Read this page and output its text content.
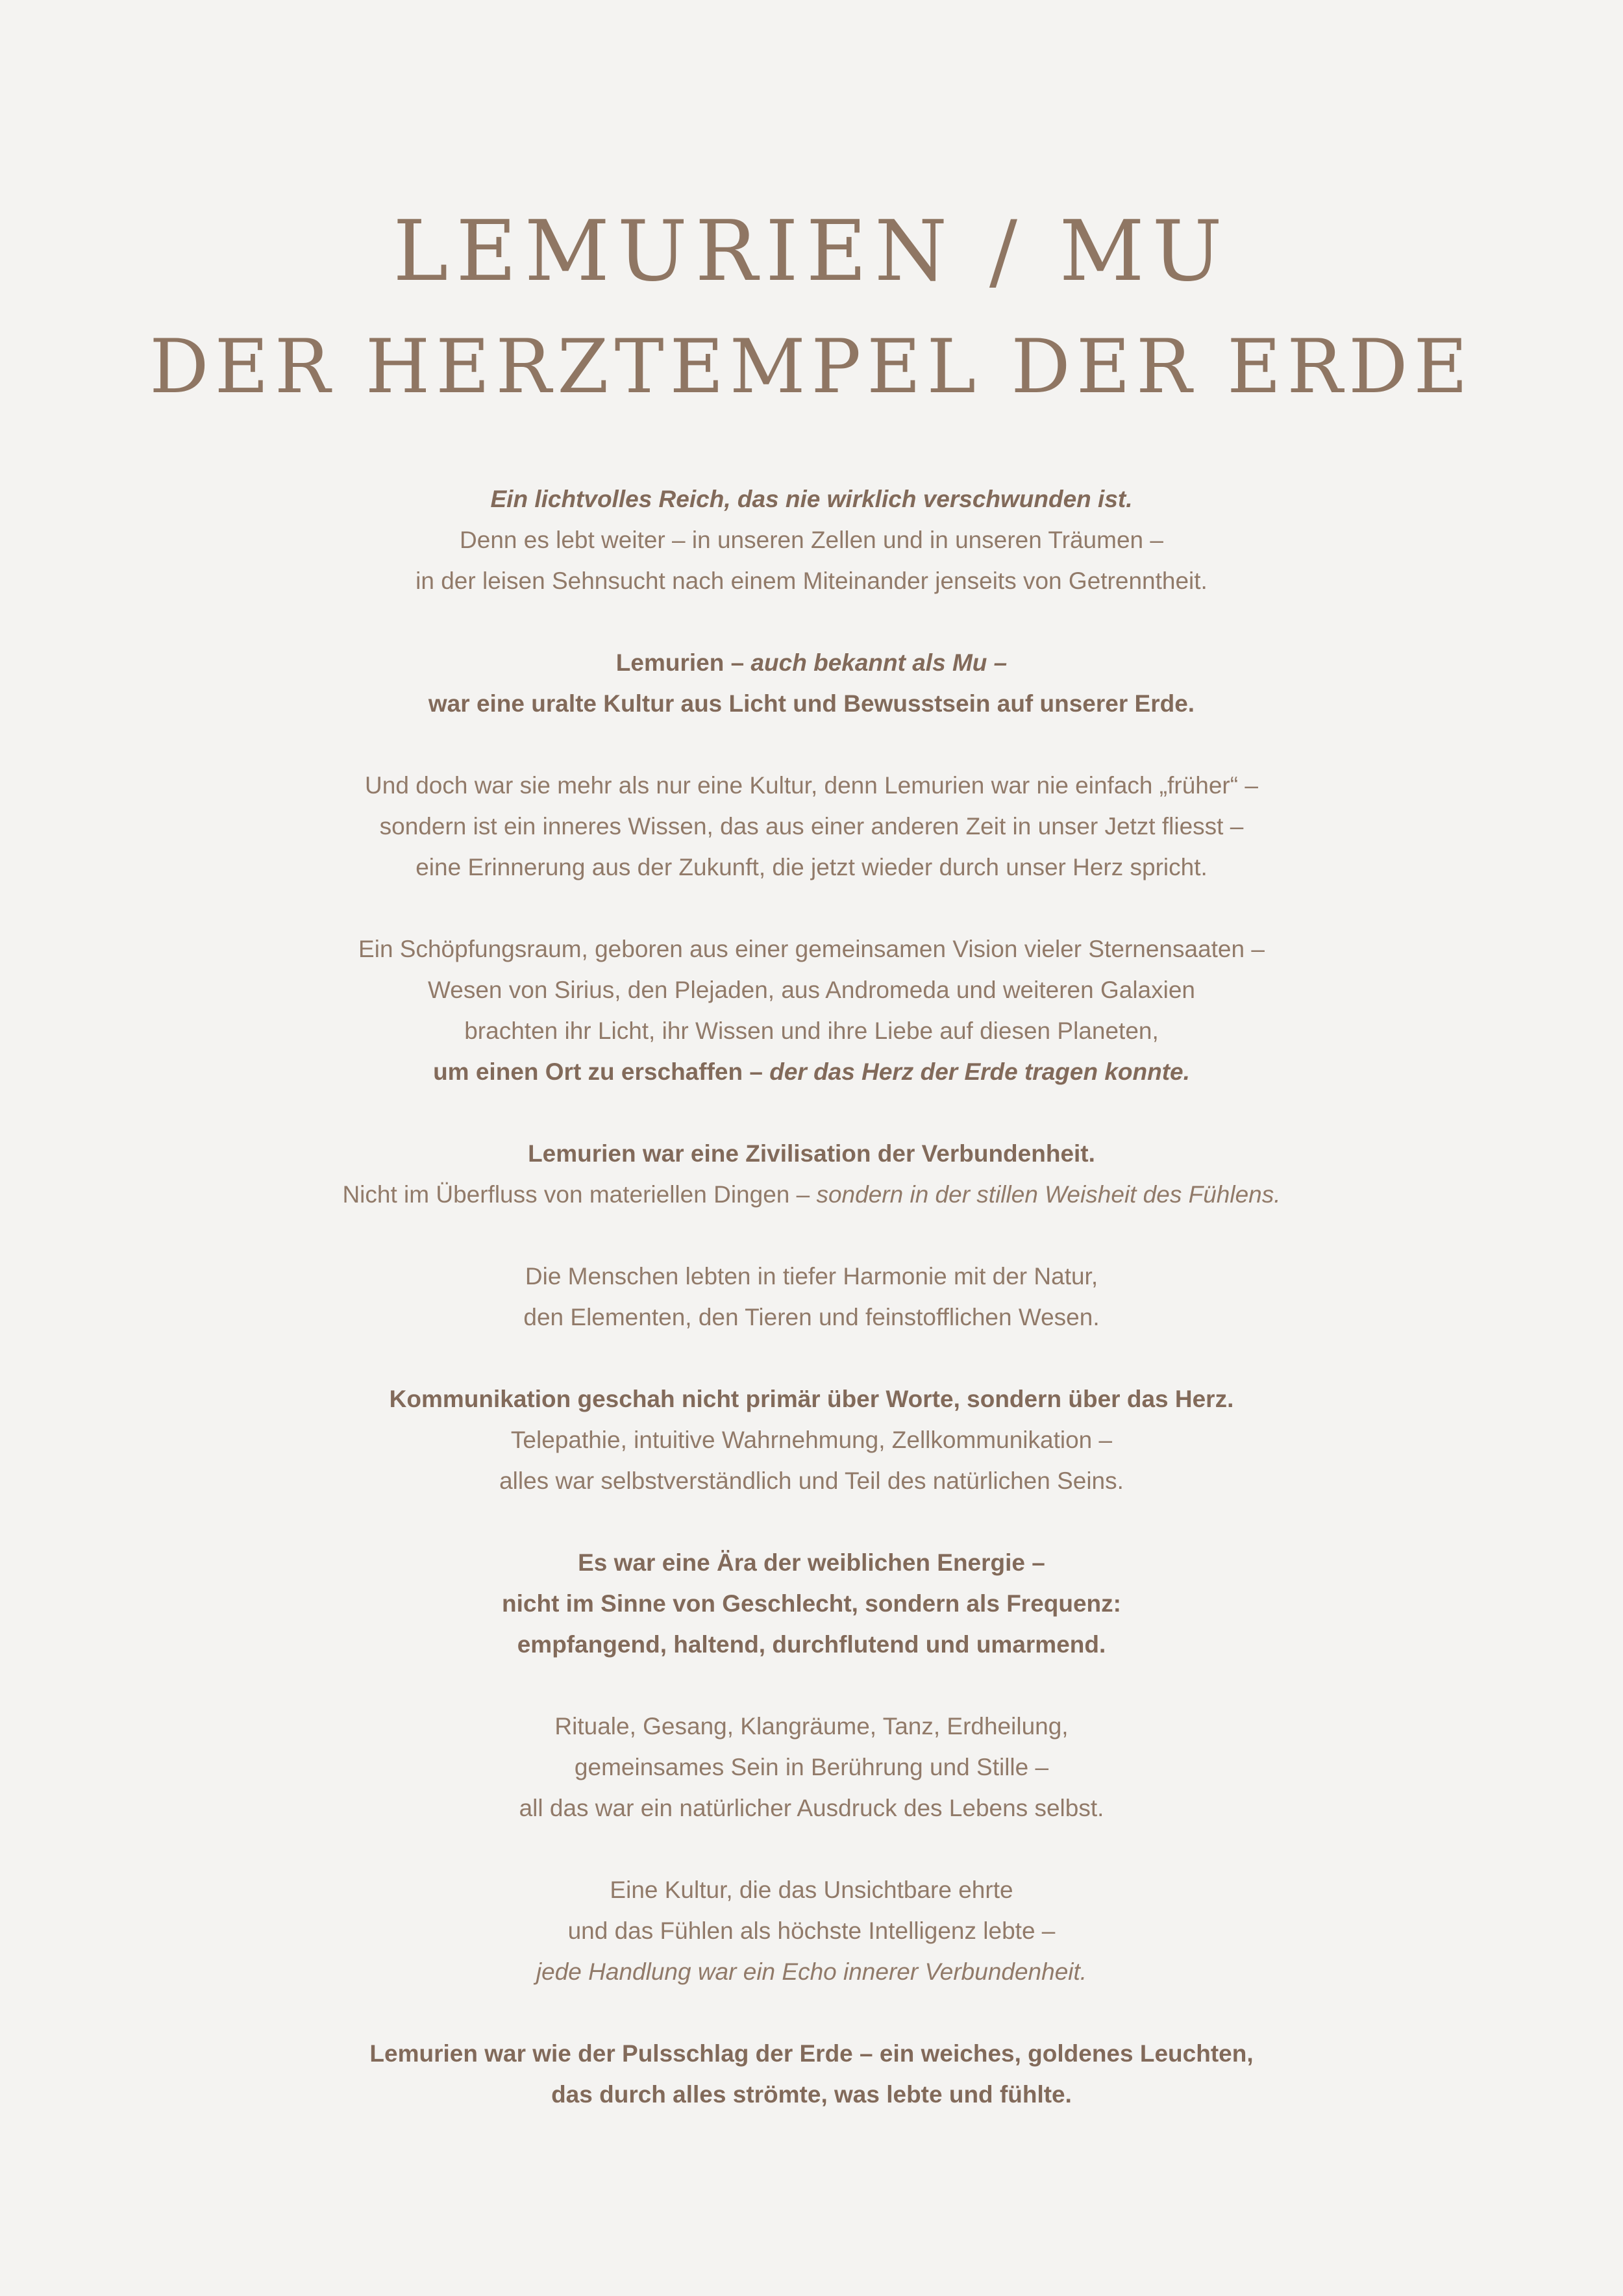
LEMURIEN / MU
DER HERZTEMPEL DER ERDE

Ein lichtvolles Reich, das nie wirklich verschwunden ist.
Denn es lebt weiter – in unseren Zellen und in unseren Träumen –
in der leisen Sehnsucht nach einem Miteinander jenseits von Getrenntheit.

Lemurien – auch bekannt als Mu –
war eine uralte Kultur aus Licht und Bewusstsein auf unserer Erde.

Und doch war sie mehr als nur eine Kultur, denn Lemurien war nie einfach „früher“ –
sondern ist ein inneres Wissen, das aus einer anderen Zeit in unser Jetzt fliesst –
eine Erinnerung aus der Zukunft, die jetzt wieder durch unser Herz spricht.

Ein Schöpfungsraum, geboren aus einer gemeinsamen Vision vieler Sternensaaten –
Wesen von Sirius, den Plejaden, aus Andromeda und weiteren Galaxien
brachten ihr Licht, ihr Wissen und ihre Liebe auf diesen Planeten,
um einen Ort zu erschaffen – der das Herz der Erde tragen konnte.

Lemurien war eine Zivilisation der Verbundenheit.
Nicht im Überfluss von materiellen Dingen – sondern in der stillen Weisheit des Fühlens.

Die Menschen lebten in tiefer Harmonie mit der Natur,
den Elementen, den Tieren und feinstofflichen Wesen.

Kommunikation geschah nicht primär über Worte, sondern über das Herz.
Telepathie, intuitive Wahrnehmung, Zellkommunikation –
alles war selbstverständlich und Teil des natürlichen Seins.

Es war eine Ära der weiblichen Energie –
nicht im Sinne von Geschlecht, sondern als Frequenz:
empfangend, haltend, durchflutend und umarmend.

Rituale, Gesang, Klangräume, Tanz, Erdheilung,
gemeinsames Sein in Berührung und Stille –
all das war ein natürlicher Ausdruck des Lebens selbst.

Eine Kultur, die das Unsichtbare ehrte
und das Fühlen als höchste Intelligenz lebte –
jede Handlung war ein Echo innerer Verbundenheit.

Lemurien war wie der Pulsschlag der Erde – ein weiches, goldenes Leuchten,
das durch alles strömte, was lebte und fühlte.
